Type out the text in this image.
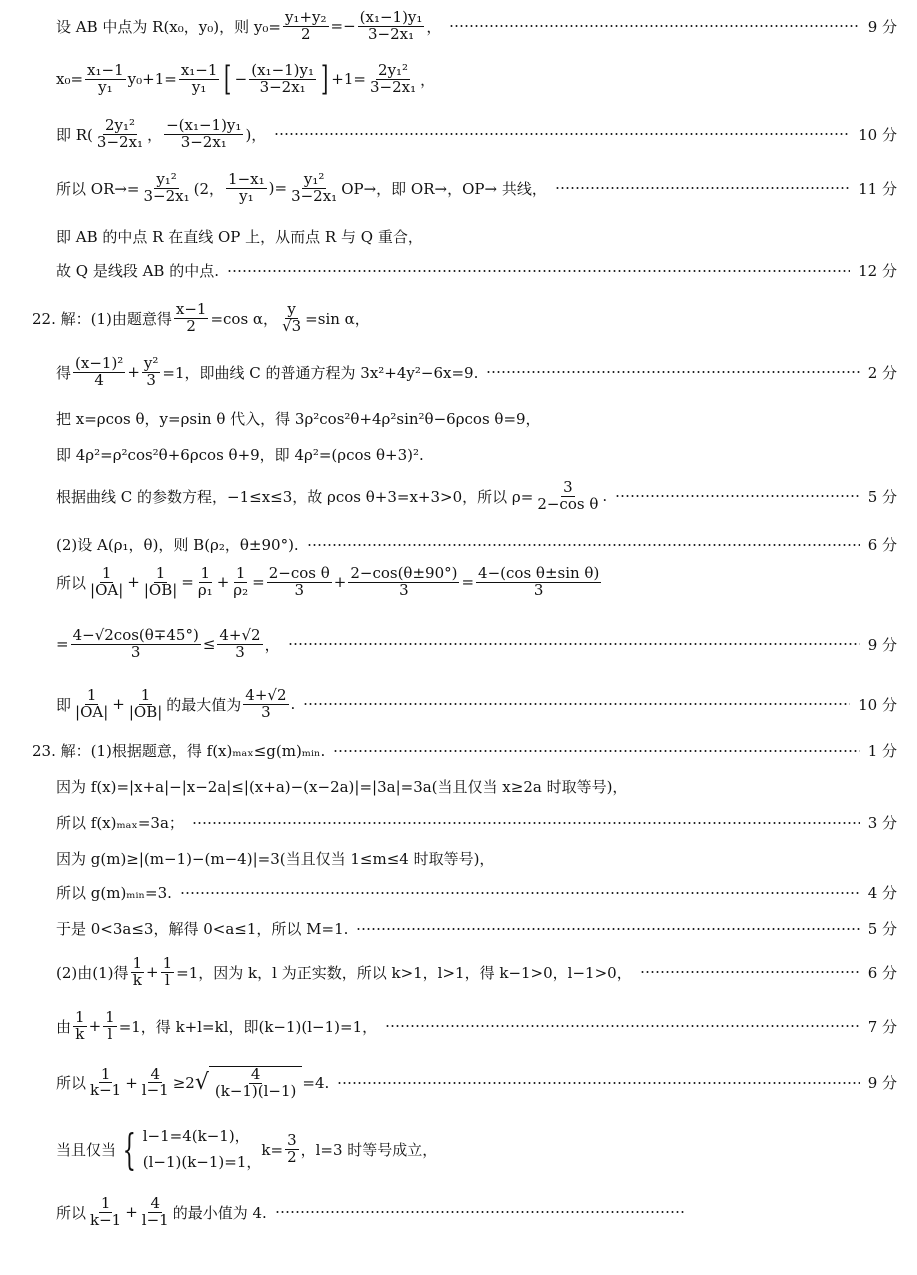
设 AB 中点为 R(x₀，y₀)，则 $y_0= \frac{\text{y₁+y₂}}{2} =- \frac{\text{(x₁−1)y₁}}{\text{3−2x₁}}$ ，	9 分
$x_0= \frac{\text{x₁−1}}{\text{y₁}} y_0+1= \frac{\text{x₁−1}}{\text{y₁}}$ [ − $\frac{\text{(x₁−1)y₁}}{\text{3−2x₁}}$ ] $+1= \frac{\text{2y₁²}}{\text{3−2x₁}}$ ，
即 $R( \frac{\text{2y₁²}}{\text{3−2x₁}}$ ， $\frac{\text{−(x₁−1)y₁}}{\text{3−2x₁}}$ )，	10 分
所以 $OR\to= \frac{\text{y₁²}}{\text{3−2x₁}} (2$， $\frac{\text{1−x₁}}{\text{y₁}}$ )= $\frac{\text{y₁²}}{\text{3−2x₁}} OP\to$，即 OR→，OP→ 共线，	11 分
即 AB 的中点 R 在直线 OP 上，从而点 R 与 Q 重合，
故 Q 是线段 AB 的中点.	12 分
22. 解：(1)由题意得 $\frac{x-1}{2} =\cos$ α， $\frac{y}{√3} =\sin$ α，
得 $\frac{\text{(x−1)²}}{4} + \frac{\text{y²}}{3} =1$，即曲线 C 的普通方程为 3x²+4y²−6x=9.	2 分
把 x=ρcos θ，y=ρsin θ 代入，得 3ρ²cos²θ+4ρ²sin²θ−6ρcos θ=9，
即 4ρ²=ρ²cos²θ+6ρcos θ+9，即 4ρ²=(ρcos θ+3)².
根据曲线 C 的参数方程，−1≤x≤3，故 ρcos θ+3=x+3>0，所以 $\rho= \frac{3}{\text{2−cos θ}}$ .	5 分
(2)设 A(ρ₁，θ)，则 B(ρ₂，θ±90°).	6 分
所以 $\frac{1}{|OA|} + \frac{1}{|OB|} = \frac{1}{\text{ρ₁}} + \frac{1}{\text{ρ₂}} = \frac{\text{2−cos θ}}{3} + \frac{2-\cos(\theta\pm 90^\circ)}{3} = \frac{\text{4−(cos θ±sin θ)}}{3}$
= $\frac{4-√2\cos(\theta\mp 45^\circ)}{3} \le \frac{4+√2}{3}$ ，	9 分
即 $\frac{1}{|OA|} + \frac{1}{|OB|}$ 的最大值为 $\frac{4+√2}{3}$ .	10 分
23. 解：(1)根据题意，得 f(x)ₘₐₓ≤g(m)ₘᵢₙ.	1 分
因为 f(x)=|x+a|−|x−2a|≤|(x+a)−(x−2a)|=|3a|=3a(当且仅当 x≥2a 时取等号)，
所以 f(x)ₘₐₓ=3a；	3 分
因为 g(m)≥|(m−1)−(m−4)|=3(当且仅当 1≤m≤4 时取等号)，
所以 g(m)ₘᵢₙ=3.	4 分
于是 0<3a≤3，解得 0<a≤1，所以 M=1.	5 分
(2)由(1)得 $\frac{1}{k} + \frac{1}{l} =1$，因为 k，l 为正实数，所以 k>1，l>1，得 k−1>0，l−1>0，	6 分
由 $\frac{1}{k} + \frac{1}{l} =1$，得 k+l=kl，即(k−1)(l−1)=1，	7 分
所以 $\frac{1}{k-1} + \frac{4}{l-1} \ge 2$ √ $\frac{4}{(k-1)(l-1)} =4$.	9 分
当且仅当 { l−1=4(k−1)，
(l−1)(k−1)=1，
$k= \frac{3}{2}$ ，l=3 时等号成立，
所以 $\frac{1}{k-1} + \frac{4}{l-1}$ 的最小值为 4.
